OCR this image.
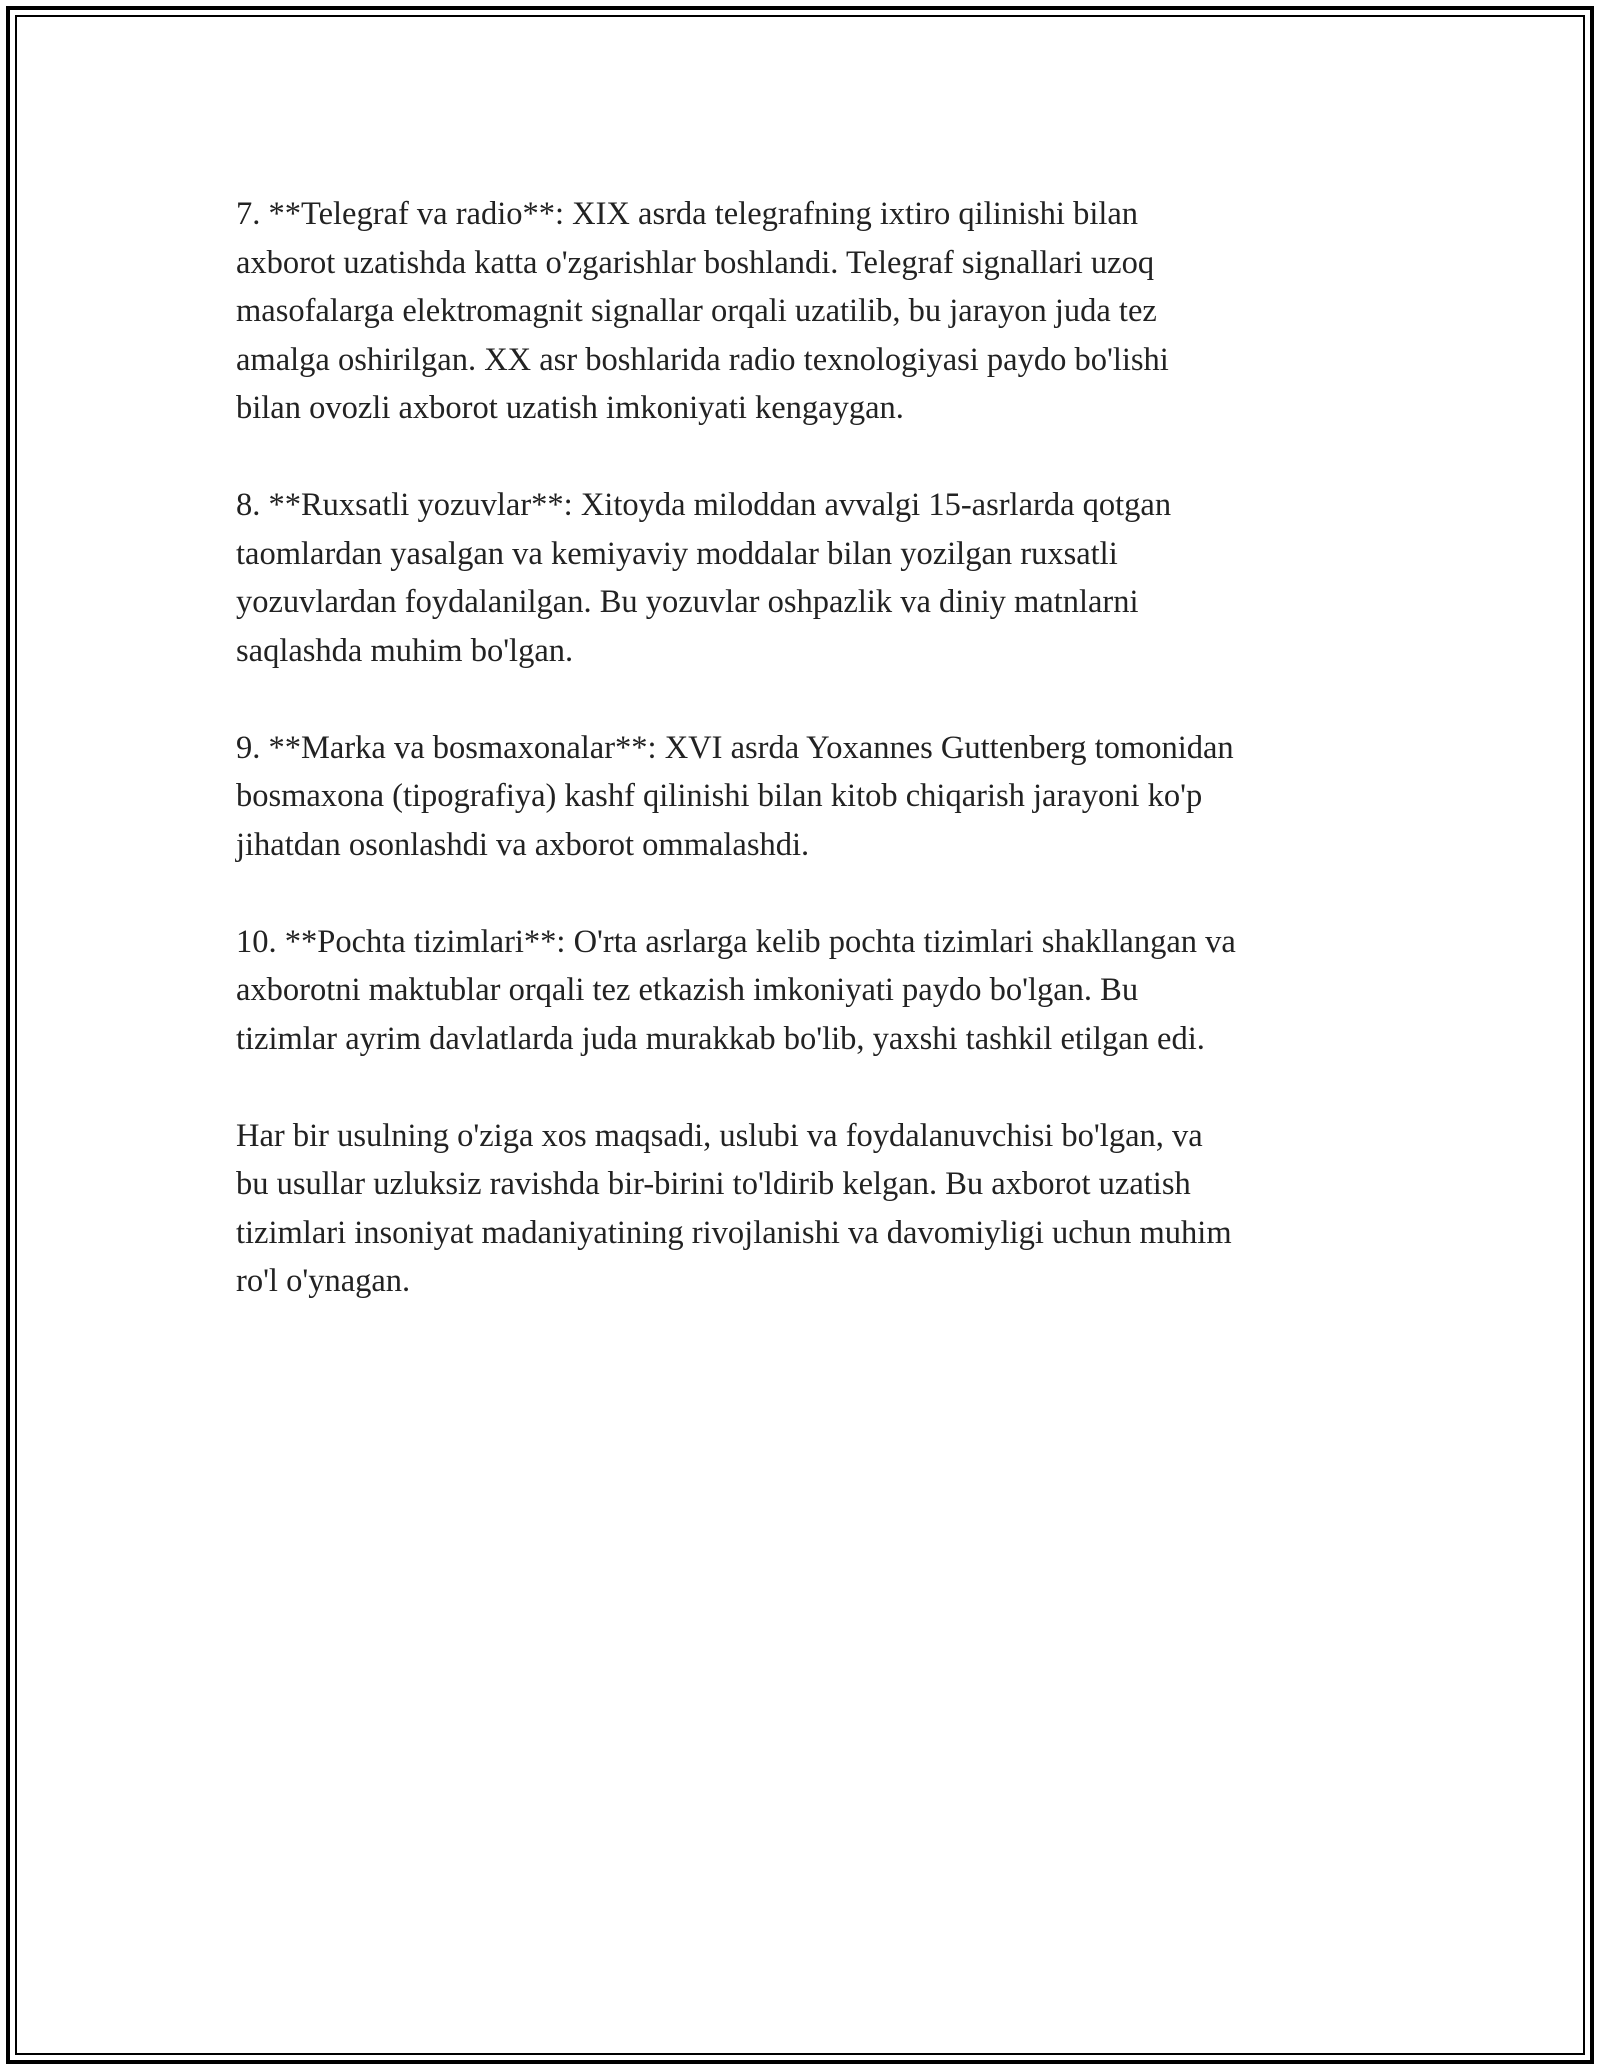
7. **Telegraf va radio**: XIX asrda telegrafning ixtiro qilinishi bilan
axborot uzatishda katta o'zgarishlar boshlandi. Telegraf signallari uzoq
masofalarga elektromagnit signallar orqali uzatilib, bu jarayon juda tez
amalga oshirilgan. XX asr boshlarida radio texnologiyasi paydo bo'lishi
bilan ovozli axborot uzatish imkoniyati kengaygan.

8. **Ruxsatli yozuvlar**: Xitoyda miloddan avvalgi 15-asrlarda qotgan
taomlardan yasalgan va kemiyaviy moddalar bilan yozilgan ruxsatli
yozuvlardan foydalanilgan. Bu yozuvlar oshpazlik va diniy matnlarni
saqlashda muhim bo'lgan.

9. **Marka va bosmaxonalar**: XVI asrda Yoxannes Guttenberg tomonidan
bosmaxona (tipografiya) kashf qilinishi bilan kitob chiqarish jarayoni ko'p
jihatdan osonlashdi va axborot ommalashdi.

10. **Pochta tizimlari**: O'rta asrlarga kelib pochta tizimlari shakllangan va
axborotni maktublar orqali tez etkazish imkoniyati paydo bo'lgan. Bu
tizimlar ayrim davlatlarda juda murakkab bo'lib, yaxshi tashkil etilgan edi.

Har bir usulning o'ziga xos maqsadi, uslubi va foydalanuvchisi bo'lgan, va
bu usullar uzluksiz ravishda bir-birini to'ldirib kelgan. Bu axborot uzatish
tizimlari insoniyat madaniyatining rivojlanishi va davomiyligi uchun muhim
ro'l o'ynagan.
